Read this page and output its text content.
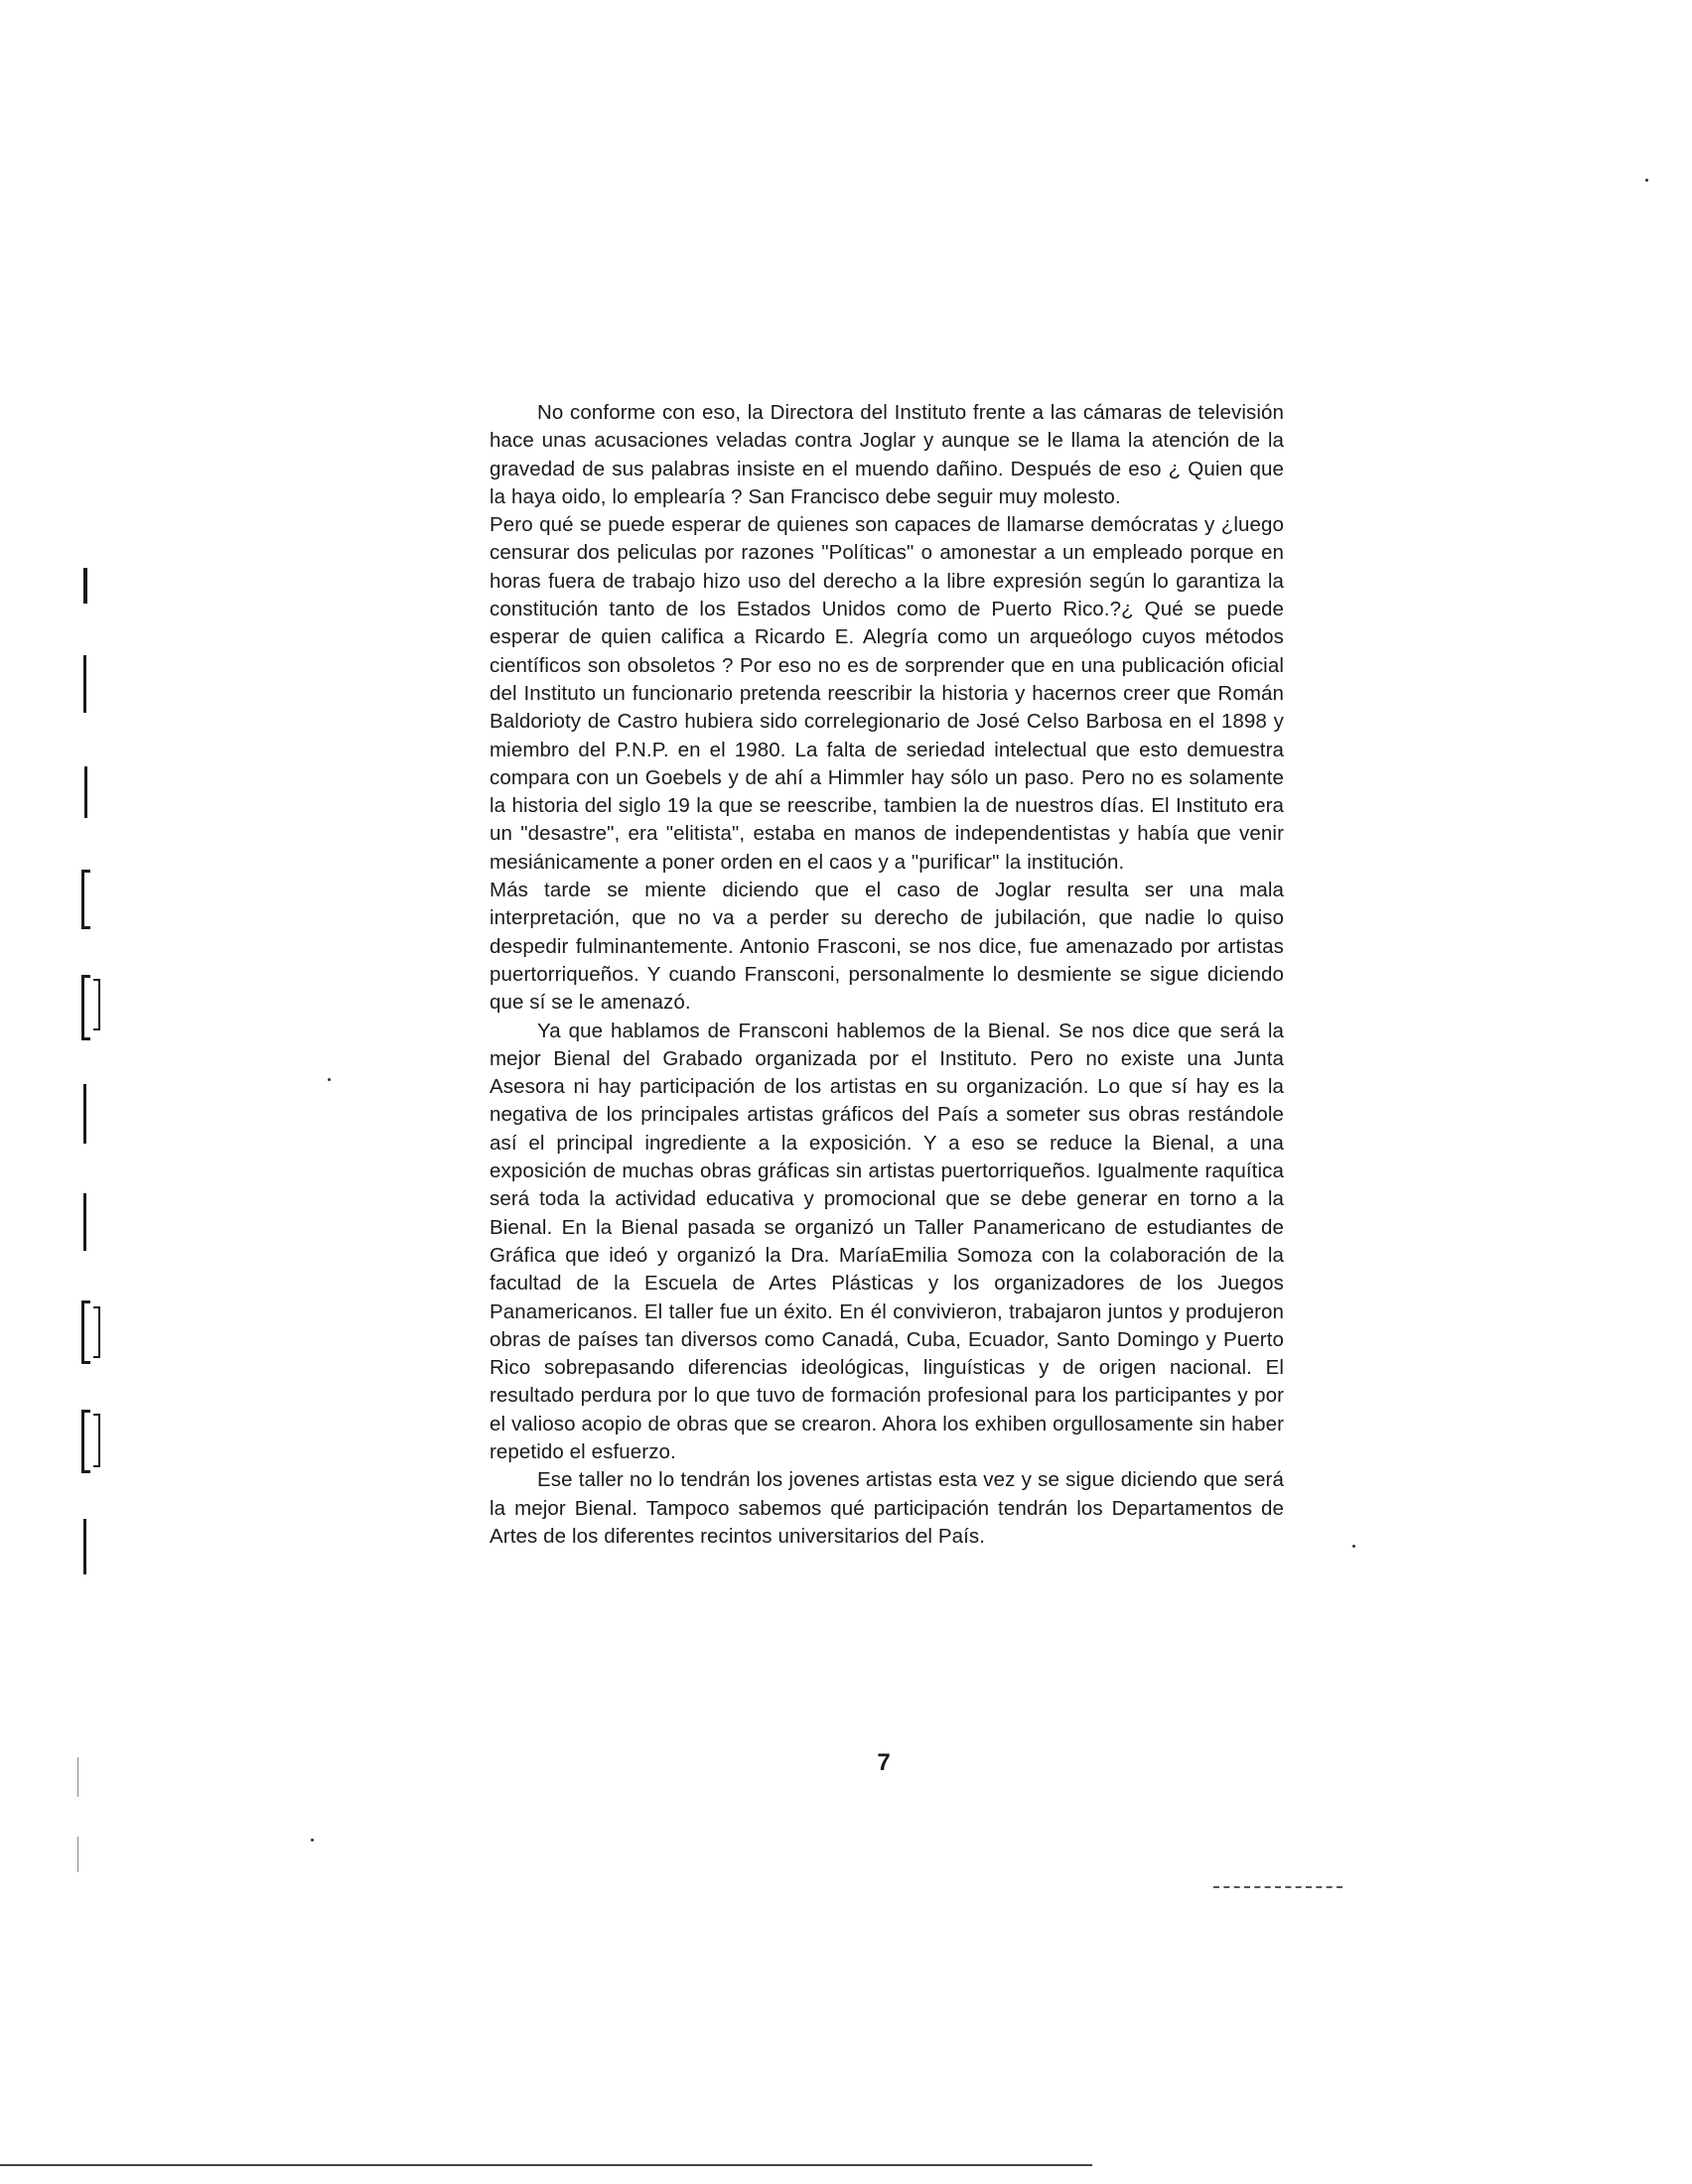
No conforme con eso, la Directora del Instituto frente a las cámaras de televisión hace unas acusaciones veladas contra Joglar y aunque se le llama la atención de la gravedad de sus palabras insiste en el muendo dañino. Después de eso ¿ Quien que la haya oido, lo emplearía ? San Francisco debe seguir muy molesto.

Pero qué se puede esperar de quienes son capaces de llamarse demócratas y ¿luego censurar dos peliculas por razones "Políticas" o amonestar a un empleado porque en horas fuera de trabajo hizo uso del derecho a la libre expresión según lo garantiza la constitución tanto de los Estados Unidos como de Puerto Rico.?¿ Qué se puede esperar de quien califica a Ricardo E. Alegría como un arqueólogo cuyos métodos científicos son obsoletos ? Por eso no es de sorprender que en una publicación oficial del Instituto un funcionario pretenda reescribir la historia y hacernos creer que Román Baldorioty de Castro hubiera sido correlegionario de José Celso Barbosa en el 1898 y miembro del P.N.P. en el 1980. La falta de seriedad intelectual que esto demuestra compara con un Goebels y de ahí a Himmler hay sólo un paso. Pero no es solamente la historia del siglo 19 la que se reescribe, tambien la de nuestros días. El Instituto era un "desastre", era "elitista", estaba en manos de independentistas y había que venir mesiánicamente a poner orden en el caos y a "purificar" la institución.

Más tarde se miente diciendo que el caso de Joglar resulta ser una mala interpretación, que no va a perder su derecho de jubilación, que nadie lo quiso despedir fulminantemente. Antonio Frasconi, se nos dice, fue amenazado por artistas puertorriqueños. Y cuando Fransconi, personalmente lo desmiente se sigue diciendo que sí se le amenazó.

Ya que hablamos de Fransconi hablemos de la Bienal. Se nos dice que será la mejor Bienal del Grabado organizada por el Instituto. Pero no existe una Junta Asesora ni hay participación de los artistas en su organización. Lo que sí hay es la negativa de los principales artistas gráficos del País a someter sus obras restándole así el principal ingrediente a la exposición. Y a eso se reduce la Bienal, a una exposición de muchas obras gráficas sin artistas puertorriqueños. Igualmente raquítica será toda la actividad educativa y promocional que se debe generar en torno a la Bienal. En la Bienal pasada se organizó un Taller Panamericano de estudiantes de Gráfica que ideó y organizó la Dra. MaríaEmilia Somoza con la colaboración de la facultad de la Escuela de Artes Plásticas y los organizadores de los Juegos Panamericanos. El taller fue un éxito. En él convivieron, trabajaron juntos y produjeron obras de países tan diversos como Canadá, Cuba, Ecuador, Santo Domingo y Puerto Rico sobrepasando diferencias ideológicas, linguísticas y de origen nacional. El resultado perdura por lo que tuvo de formación profesional para los participantes y por el valioso acopio de obras que se crearon. Ahora los exhiben orgullosamente sin haber repetido el esfuerzo.

Ese taller no lo tendrán los jovenes artistas esta vez y se sigue diciendo que será la mejor Bienal. Tampoco sabemos qué participación tendrán los Departamentos de Artes de los diferentes recintos universitarios del País.

7
